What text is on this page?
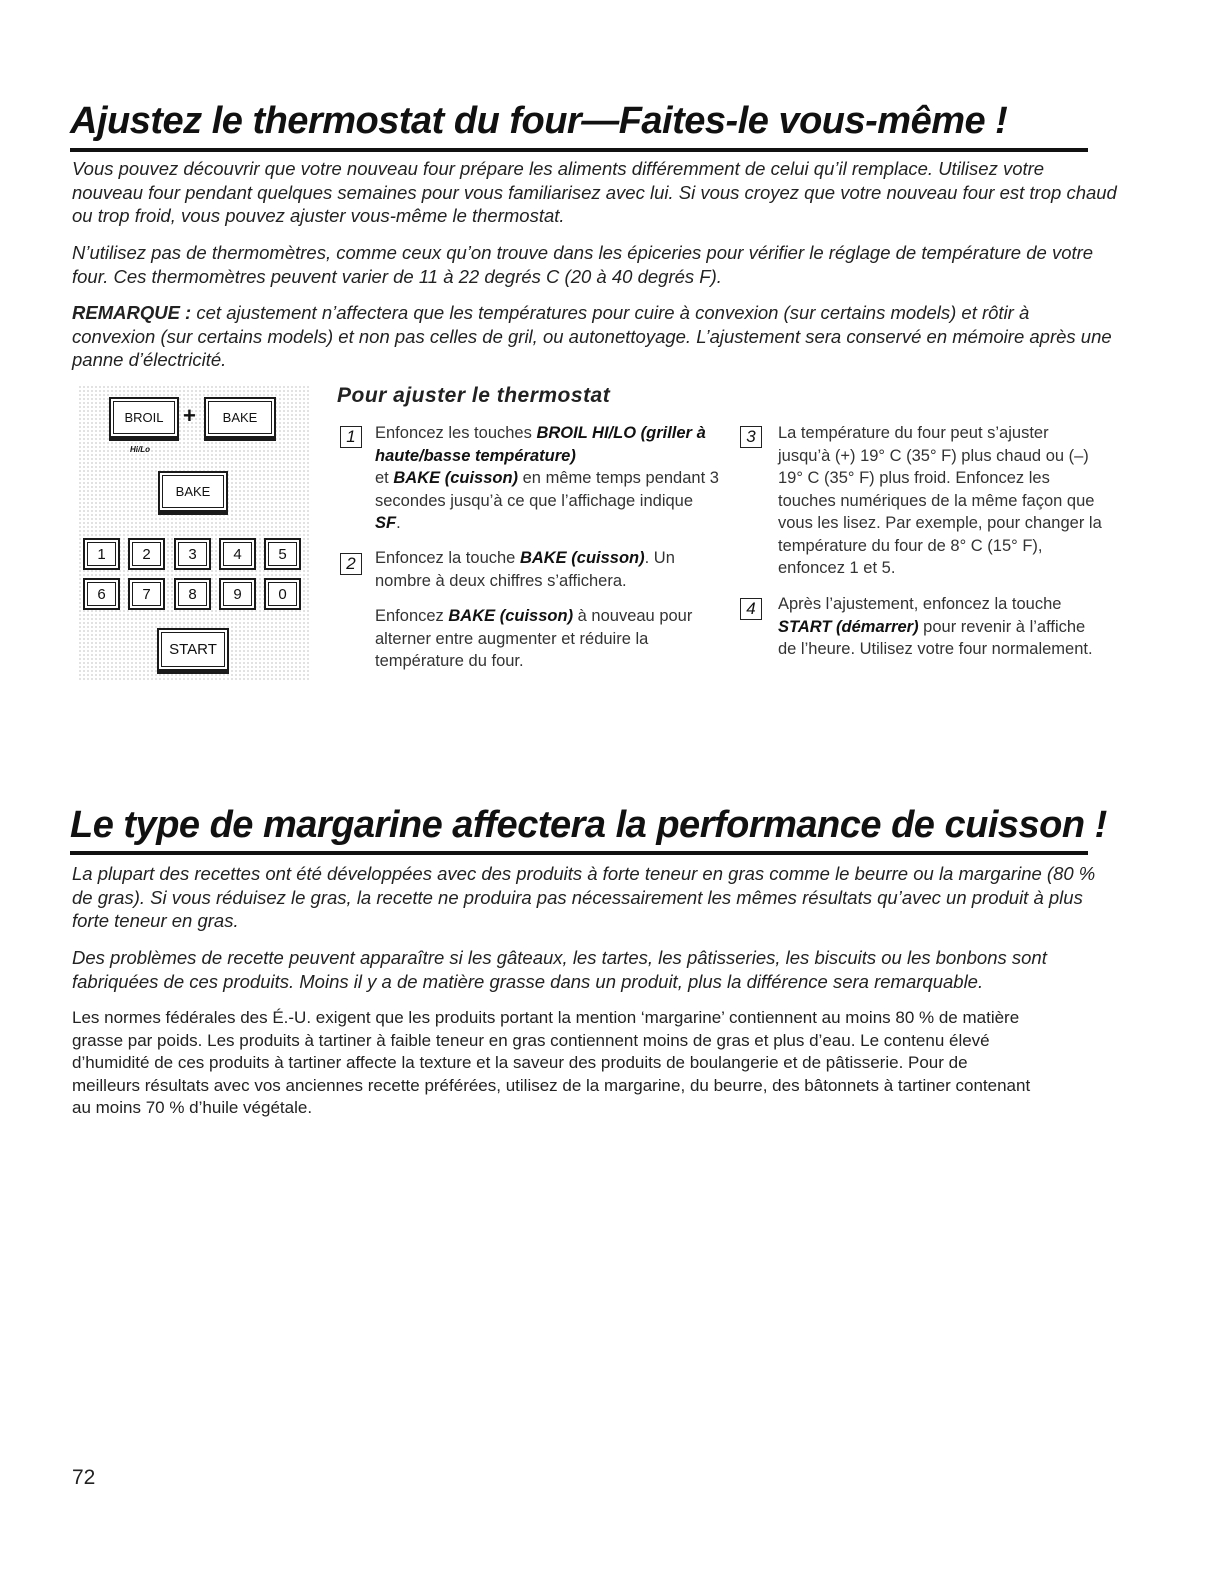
Ajustez le thermostat du four—Faites-le vous-même !

Vous pouvez découvrir que votre nouveau four prépare les aliments différemment de celui qu’il remplace. Utilisez votre nouveau four pendant quelques semaines pour vous familiarisez avec lui. Si vous croyez que votre nouveau four est trop chaud ou trop froid, vous pouvez ajuster vous-même le thermostat.

N’utilisez pas de thermomètres, comme ceux qu’on trouve dans les épiceries pour vérifier le réglage de température de votre four. Ces thermomètres peuvent varier de 11 à 22 degrés C (20 à 40 degrés F).

REMARQUE : cet ajustement n’affectera que les températures pour cuire à convexion (sur certains models) et rôtir à convexion (sur certains models) et non pas celles de gril, ou autonettoyage. L’ajustement sera conservé en mémoire après une panne d’électricité.

BROIL +	BAKE
Hi/Lo
BAKE
1	2	3	4	5
6	7	8	9	0
START
Pour ajuster le thermostat
1	Enfoncez les touches BROIL HI/LO (griller à haute/basse température)
et BAKE (cuisson) en même temps pendant 3 secondes jusqu’à ce que l’affichage indique SF.
2	Enfoncez la touche BAKE (cuisson). Un nombre à deux chiffres s’affichera.
Enfoncez BAKE (cuisson) à nouveau pour alterner entre augmenter et réduire la température du four.
3	La température du four peut s’ajuster jusqu’à (+) 19° C (35° F) plus chaud ou (–) 19° C (35° F) plus froid. Enfoncez les touches numériques de la même façon que vous les lisez. Par exemple, pour changer la température du four de 8° C (15° F), enfoncez 1 et 5.
4	Après l’ajustement, enfoncez la touche START (démarrer) pour revenir à l’affiche de l’heure. Utilisez votre four normalement.
Le type de margarine affectera la performance de cuisson !

La plupart des recettes ont été développées avec des produits à forte teneur en gras comme le beurre ou la margarine (80 % de gras). Si vous réduisez le gras, la recette ne produira pas nécessairement les mêmes résultats qu’avec un produit à plus forte teneur en gras.

Des problèmes de recette peuvent apparaître si les gâteaux, les tartes, les pâtisseries, les biscuits ou les bonbons sont fabriquées de ces produits. Moins il y a de matière grasse dans un produit, plus la différence sera remarquable.

Les normes fédérales des É.-U. exigent que les produits portant la mention ‘margarine’ contiennent au moins 80 % de matière grasse par poids. Les produits à tartiner à faible teneur en gras contiennent moins de gras et plus d’eau. Le contenu élevé d’humidité de ces produits à tartiner affecte la texture et la saveur des produits de boulangerie et de pâtisserie. Pour de meilleurs résultats avec vos anciennes recette préférées, utilisez de la margarine, du beurre, des bâtonnets à tartiner contenant au moins 70 % d’huile végétale.

72
